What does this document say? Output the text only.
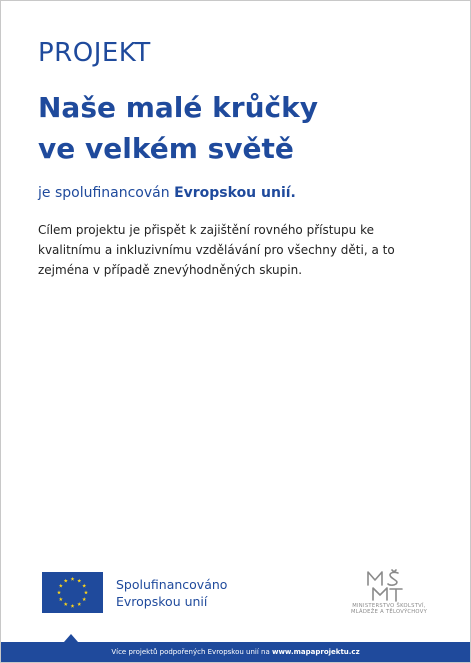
PROJEKT
Naše malé krůčky
ve velkém světě
je spolufinancován Evropskou unií.

Cílem projektu je přispět k zajištění rovného přístupu ke
kvalitnímu a inkluzivnímu vzdělávání pro všechny děti, a to
zejména v případě znevýhodněných skupin.

Spolufinancováno
Evropskou unií	MINISTERSTVO ŠKOLSTVÍ,
MLÁDEŽE A TĚLOVÝCHOVY
Více projektů podpořených Evropskou unií na www.mapaprojektu.cz
